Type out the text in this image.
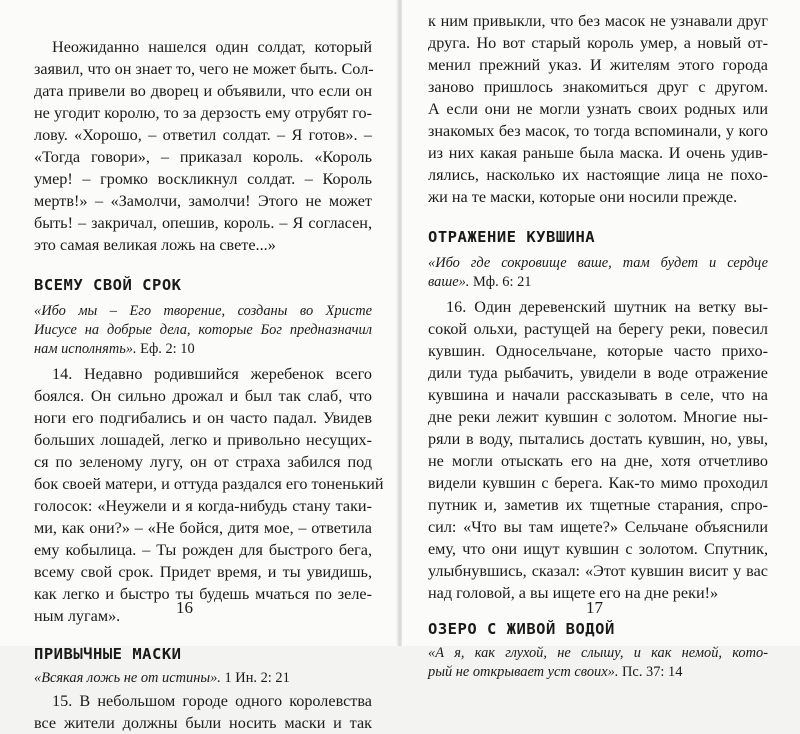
Неожиданно нашелся один солдат, который
заявил, что он знает то, чего не может быть. Сол-
дата привели во дворец и объявили, что если он
не угодит королю, то за дерзость ему отрубят го-
лову. «Хорошо, – ответил солдат. – Я готов». –
«Тогда говори», – приказал король. «Король
умер! – громко воскликнул солдат. – Король
мертв!» – «Замолчи, замолчи! Этого не может
быть! – закричал, опешив, король. – Я согласен,
это самая великая ложь на свете...»
ВСЕМУ СВОЙ СРОК
«Ибо мы – Его творение, созданы во Христе
Иисусе на добрые дела, которые Бог предназначил
нам исполнять». Еф. 2: 10
14. Недавно родившийся жеребенок всего
боялся. Он сильно дрожал и был так слаб, что
ноги его подгибались и он часто падал. Увидев
больших лошадей, легко и привольно несущих-
ся по зеленому лугу, он от страха забился под
бок своей матери, и оттуда раздался его тоненький
голосок: «Неужели и я когда-нибудь стану таки-
ми, как они?» – «Не бойся, дитя мое, – ответила
ему кобылица. – Ты рожден для быстрого бега,
всему свой срок. Придет время, и ты увидишь,
как легко и быстро ты будешь мчаться по зеле-
ным лугам».
ПРИВЫЧНЫЕ МАСКИ
«Всякая ложь не от истины». 1 Ин. 2: 21
15. В небольшом городе одного королевства
все жители должны были носить маски и так
16
к ним привыкли, что без масок не узнавали друг
друга. Но вот старый король умер, а новый от-
менил прежний указ. И жителям этого города
заново пришлось знакомиться друг с другом.
А если они не могли узнать своих родных или
знакомых без масок, то тогда вспоминали, у кого
из них какая раньше была маска. И очень удив-
лялись, насколько их настоящие лица не похо-
жи на те маски, которые они носили прежде.
ОТРАЖЕНИЕ КУВШИНА
«Ибо где сокровище ваше, там будет и сердце
ваше». Мф. 6: 21
16. Один деревенский шутник на ветку вы-
сокой ольхи, растущей на берегу реки, повесил
кувшин. Односельчане, которые часто прихо-
дили туда рыбачить, увидели в воде отражение
кувшина и начали рассказывать в селе, что на
дне реки лежит кувшин с золотом. Многие ны-
ряли в воду, пытались достать кувшин, но, увы,
не могли отыскать его на дне, хотя отчетливо
видели кувшин с берега. Как-то мимо проходил
путник и, заметив их тщетные старания, спро-
сил: «Что вы там ищете?» Сельчане объяснили
ему, что они ищут кувшин с золотом. Спутник,
улыбнувшись, сказал: «Этот кувшин висит у вас
над головой, а вы ищете его на дне реки!»
ОЗЕРО С ЖИВОЙ ВОДОЙ
«А я, как глухой, не слышу, и как немой, кото-
рый не открывает уст своих». Пс. 37: 14
17
